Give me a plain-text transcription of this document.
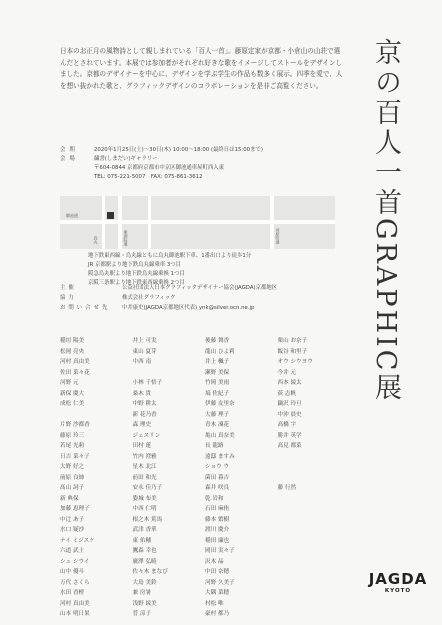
京の百人一首GRAPHIC展
日本のお正月の風物詩として親しまれている「百人一首」。藤原定家が京都・小倉山の山荘で選んだとされています。本展では参加者がそれぞれ好きな歌をイメージしてストールをデザインしました。京都のデザイナーを中心に、デザインを学ぶ学生の作品も数多く展示。四季を愛で、人を想い抜かれた歌と、グラフィックデザインのコラボレーションを是非ご高覧ください。
会期	2020年1月25日(土)〜30日(木) 10:00〜18:00 (最終日は15:00まで)
会場	繍書(しまだい)ギャラリー
〒604-0844 京都府京都市中京区御池通車屋町西入東
TEL: 075-221-5007　FAX: 075-861-3612
御池通
烏丸	東洞院通	河原町通
地下鉄東西線・烏丸線ともに烏丸御池駅下車、1番出口より徒歩1分
JR 京都駅より地下鉄烏丸線乗車 3つ目
阪急烏丸駅より地下鉄烏丸線乗換 1つ目
京阪三条駅より地下鉄東西線乗換 2つ目
主催	公益社団法人日本グラフィックデザイナー協会(JAGDA)京都地区
協力	株式会社グラフィック
お問い合せ先	中井康史(JAGDA京都地区代表) ynk@silver.ocn.ne.jp
稲垣 陽美
松岡 亮央
河村 真由美
佐田 菜々花
河野 元
新保 慶大
成松 仁美
片野 沙都香
藤原 玲三
若尾 光莉
日吉 菜々子
大野 好之
前原 良帥
髙山 詞子
新 典保
加藤 恵理子
中辻 あ子
水口 疑沙
ナイ ミジスケ
六道 武士
シュ シウイ
山中 優斗
万代 さくら
水田 香橙
河村 真由美
山本 明日果
井上 可実
東山 夏芽
中西 南
小林 千悟子
桑木 貴
中野 耕太
新 花乃香
森 理史
ジェスリン
田村 蓮
竹内 澄雅
星木 北江
前田 和光
安永 佳乃子
姿城 布美
中西 仁明
根之木 篤馬
武津 香華
東 佑輔
鷹森 幸也
廣澤 弘暁
佐々木 まなび
大島 美鈴
兼 房暑
浅野 綾美
菅 涼子
後藤 舞香
龍山 ひよ莉
井上 楓子
瀬野 美保
竹岡 美雨
塙 佐紀子
伊藤 友里奈
大藤 理子
青木 凜花
亀山 真奈美
長 龍路
遠邸 ますみ
ショウ ウ
菌田 暮吉
森井 咲良
乾 岩和
石田 麻侑
藤本 繁樹
渡川 慶介
稲田 廉也
岡田 実々子
沢木 晶
中田 奈穂
河野 久美子
大隅 菜穂
村松 唯
豪村 都乃
栗山 お奈子
飯谷 和里子
オウ シウヨウ
今井 元
西本 綾太
荻 志帆
鍋沢 玲旦
中沖 晨史
高橋 宇
勝井 英学
高見 都菜
藤 行然
JAGDA
KYOTO
